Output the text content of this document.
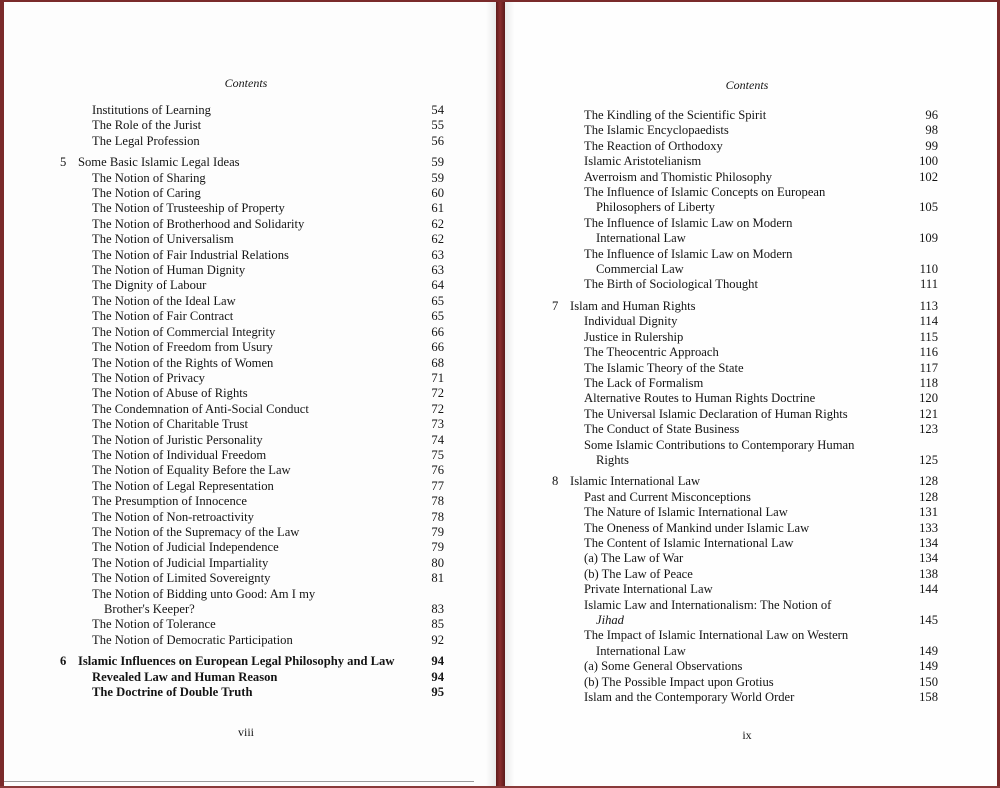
Contents
Institutions of Learning	54
The Role of the Jurist	55
The Legal Profession	56
5 Some Basic Islamic Legal Ideas	59
The Notion of Sharing	59
The Notion of Caring	60
The Notion of Trusteeship of Property	61
The Notion of Brotherhood and Solidarity	62
The Notion of Universalism	62
The Notion of Fair Industrial Relations	63
The Notion of Human Dignity	63
The Dignity of Labour	64
The Notion of the Ideal Law	65
The Notion of Fair Contract	65
The Notion of Commercial Integrity	66
The Notion of Freedom from Usury	66
The Notion of the Rights of Women	68
The Notion of Privacy	71
The Notion of Abuse of Rights	72
The Condemnation of Anti-Social Conduct	72
The Notion of Charitable Trust	73
The Notion of Juristic Personality	74
The Notion of Individual Freedom	75
The Notion of Equality Before the Law	76
The Notion of Legal Representation	77
The Presumption of Innocence	78
The Notion of Non-retroactivity	78
The Notion of the Supremacy of the Law	79
The Notion of Judicial Independence	79
The Notion of Judicial Impartiality	80
The Notion of Limited Sovereignty	81
The Notion of Bidding unto Good: Am I my
Brother's Keeper?	83
The Notion of Tolerance	85
The Notion of Democratic Participation	92
6 Islamic Influences on European Legal Philosophy and Law	94
Revealed Law and Human Reason	94
The Doctrine of Double Truth	95
viii
Contents
The Kindling of the Scientific Spirit	96
The Islamic Encyclopaedists	98
The Reaction of Orthodoxy	99
Islamic Aristotelianism	100
Averroism and Thomistic Philosophy	102
The Influence of Islamic Concepts on European
Philosophers of Liberty	105
The Influence of Islamic Law on Modern
International Law	109
The Influence of Islamic Law on Modern
Commercial Law	110
The Birth of Sociological Thought	111
7 Islam and Human Rights	113
Individual Dignity	114
Justice in Rulership	115
The Theocentric Approach	116
The Islamic Theory of the State	117
The Lack of Formalism	118
Alternative Routes to Human Rights Doctrine	120
The Universal Islamic Declaration of Human Rights	121
The Conduct of State Business	123
Some Islamic Contributions to Contemporary Human
Rights	125
8 Islamic International Law	128
Past and Current Misconceptions	128
The Nature of Islamic International Law	131
The Oneness of Mankind under Islamic Law	133
The Content of Islamic International Law	134
(a) The Law of War	134
(b) The Law of Peace	138
Private International Law	144
Islamic Law and Internationalism: The Notion of
Jihad	145
The Impact of Islamic International Law on Western
International Law	149
(a) Some General Observations	149
(b) The Possible Impact upon Grotius	150
Islam and the Contemporary World Order	158
ix
